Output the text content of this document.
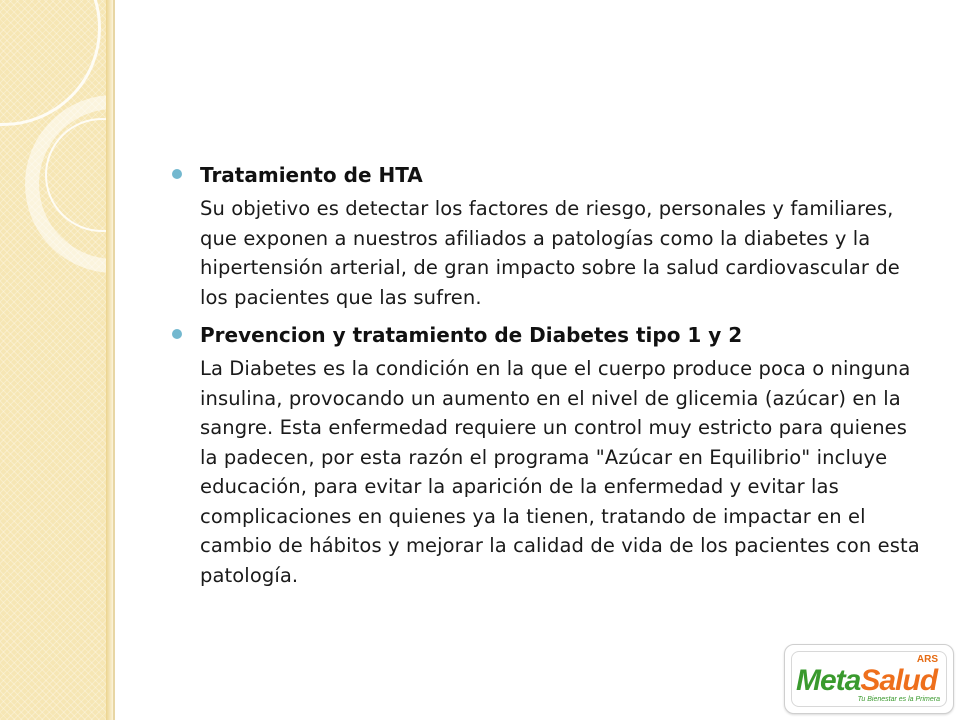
Tratamiento de HTA

Su objetivo es detectar los factores de riesgo, personales y familiares, que exponen a nuestros afiliados a patologías como la diabetes y la hipertensión arterial, de gran impacto sobre la salud cardiovascular de los pacientes que las sufren.

Prevencion y tratamiento de Diabetes tipo 1 y 2

La Diabetes es la condición en la que el cuerpo produce poca o ninguna insulina, provocando un aumento en el nivel de glicemia (azúcar) en la sangre. Esta enfermedad requiere un control muy estricto para quienes la padecen, por esta razón el programa "Azúcar en Equilibrio" incluye educación, para evitar la aparición de la enfermedad y evitar las complicaciones en quienes ya la tienen, tratando de impactar en el cambio de hábitos y mejorar la calidad de vida de los pacientes con esta patología.

ARS
MetaSalud
Tu Bienestar es la Primera
